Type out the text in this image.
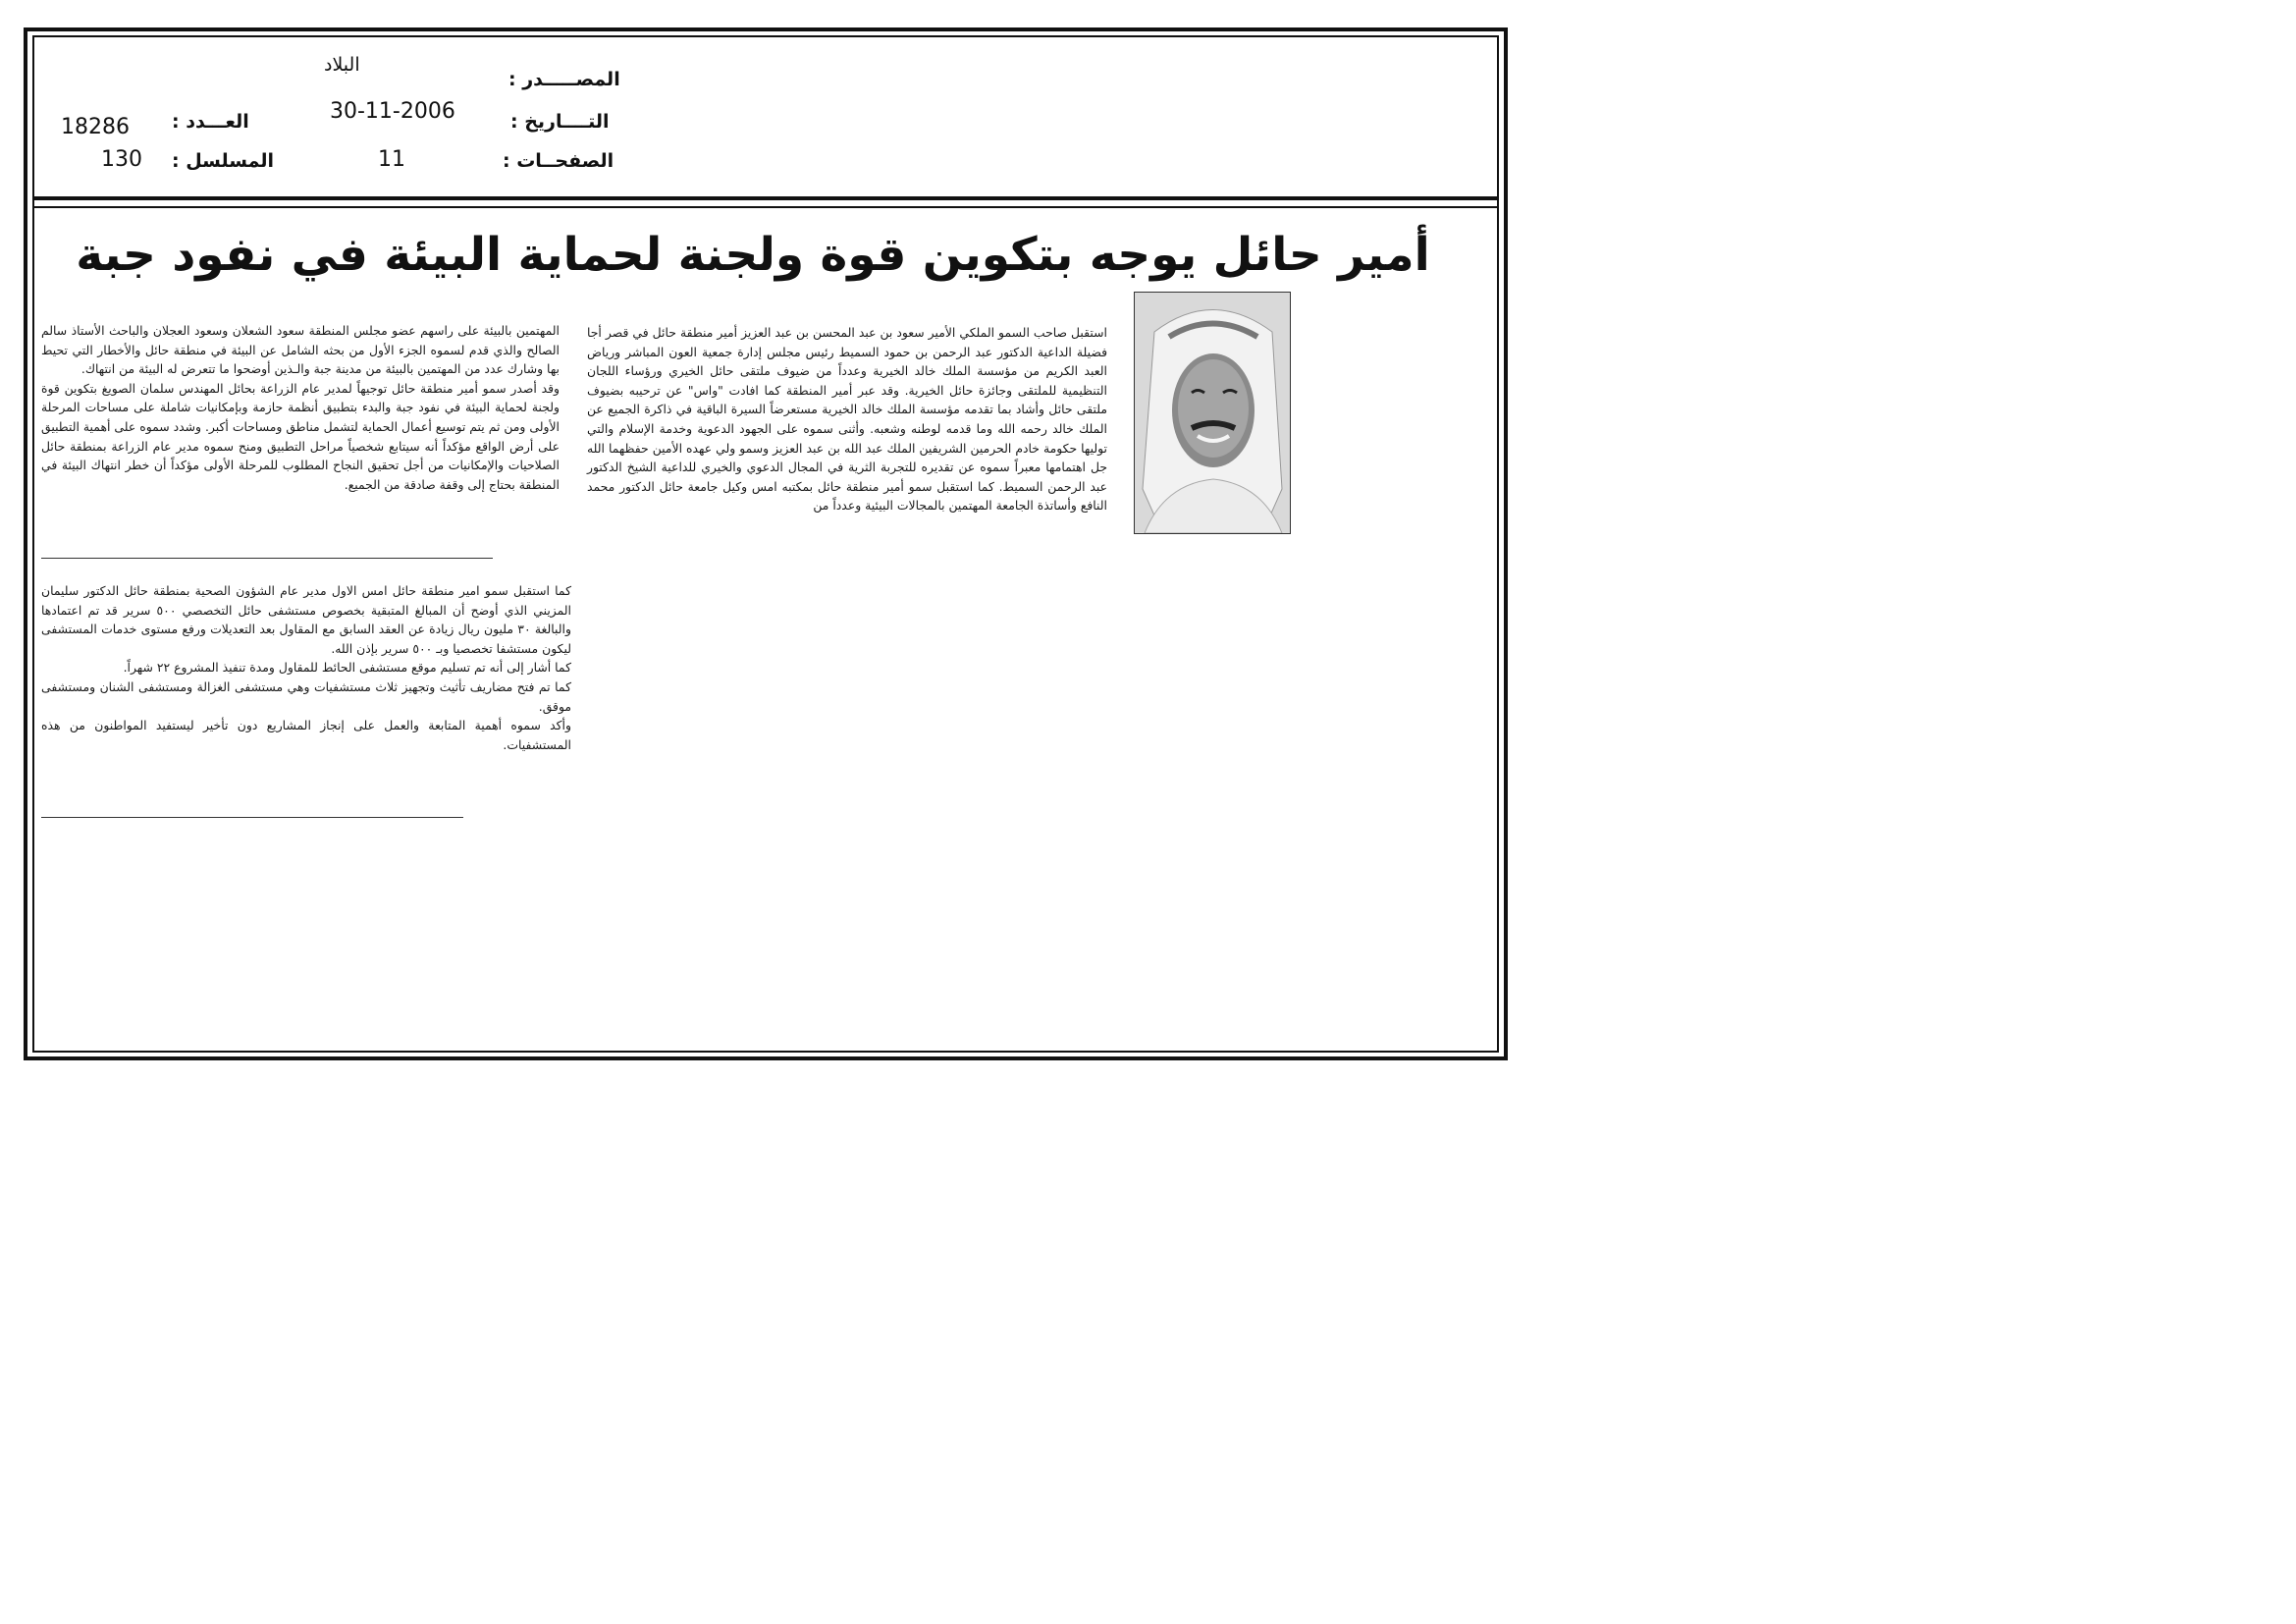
المصـــــدر :
البلاد
التــــاريخ :
30-11-2006
الصفحــات :
11
العـــدد :
18286
المسلسل :
130
أمير حائل يوجه بتكوين قوة ولجنة لحماية البيئة في نفود جبة

استقبل صاحب السمو الملكي الأمير سعود بن عبد المحسن بن عبد العزيز أمير منطقة حائل في قصر أجا فضيلة الداعية الدكتور عبد الرحمن بن حمود السميط رئيس مجلس إدارة جمعية العون المباشر ورياض العبد الكريم من مؤسسة الملك خالد الخيرية وعدداً من ضيوف ملتقى حائل الخيري ورؤساء اللجان التنظيمية للملتقى وجائزة حائل الخيرية. وقد عبر أمير المنطقة كما افادت "واس" عن ترحيبه بضيوف ملتقى حائل وأشاد بما تقدمه مؤسسة الملك خالد الخيرية مستعرضاً السيرة الباقية في ذاكرة الجميع عن الملك خالد رحمه الله وما قدمه لوطنه وشعبه. وأثنى سموه على الجهود الدعوية وخدمة الإسلام والتي توليها حكومة خادم الحرمين الشريفين الملك عبد الله بن عبد العزيز وسمو ولي عهده الأمين حفظهما الله جل اهتمامها معبراً سموه عن تقديره للتجربة الثرية في المجال الدعوي والخيري للداعية الشيخ الدكتور عبد الرحمن السميط. كما استقبل سمو أمير منطقة حائل بمكتبه امس وكيل جامعة حائل الدكتور محمد النافع وأساتذة الجامعة المهتمين بالمجالات البيئية وعدداً من

المهتمين بالبيئة على راسهم عضو مجلس المنطقة سعود الشعلان وسعود العجلان والباحث الأستاذ سالم الصالح والذي قدم لسموه الجزء الأول من بحثه الشامل عن البيئة في منطقة حائل والأخطار التي تحيط بها وشارك عدد من المهتمين بالبيئة من مدينة جبة والـذين أوضحوا ما تتعرض له البيئة من انتهاك.

وقد أصدر سمو أمير منطقة حائل توجيهاً لمدير عام الزراعة بحائل المهندس سلمان الصويغ بتكوين قوة ولجنة لحماية البيئة في نفود جبة والبدء بتطبيق أنظمة حازمة وبإمكانيات شاملة على مساحات المرحلة الأولى ومن ثم يتم توسيع أعمال الحماية لتشمل مناطق ومساحات أكبر. وشدد سموه على أهمية التطبيق على أرض الواقع مؤكداً أنه سيتابع شخصياً مراحل التطبيق ومنح سموه مدير عام الزراعة بمنطقة حائل الصلاحيات والإمكانيات من أجل تحقيق النجاح المطلوب للمرحلة الأولى مؤكداً أن خطر انتهاك البيئة في المنطقة بحتاج إلى وقفة صادقة من الجميع.

كما استقبل سمو امير منطقة حائل امس الاول مدير عام الشؤون الصحية بمنطقة حائل الدكتور سليمان المزيني الذي أوضح أن المبالغ المتبقية بخصوص مستشفى حائل التخصصي ٥٠٠ سرير قد تم اعتمادها والبالغة ٣٠ مليون ريال زيادة عن العقد السابق مع المقاول بعد التعديلات ورفع مستوى خدمات المستشفى ليكون مستشفا تخصصيا وبـ ٥٠٠ سرير بإذن الله.

كما أشار إلى أنه تم تسليم موقع مستشفى الحائط للمقاول ومدة تنفيذ المشروع ٢٢ شهراً.

كما تم فتح مضاريف تأثيث وتجهيز ثلاث مستشفيات وهي مستشفى الغزالة ومستشفى الشنان ومستشفى موقق.

وأكد سموه أهمية المتابعة والعمل على إنجاز المشاريع دون تأخير ليستفيد المواطنون من هذه المستشفيات.
